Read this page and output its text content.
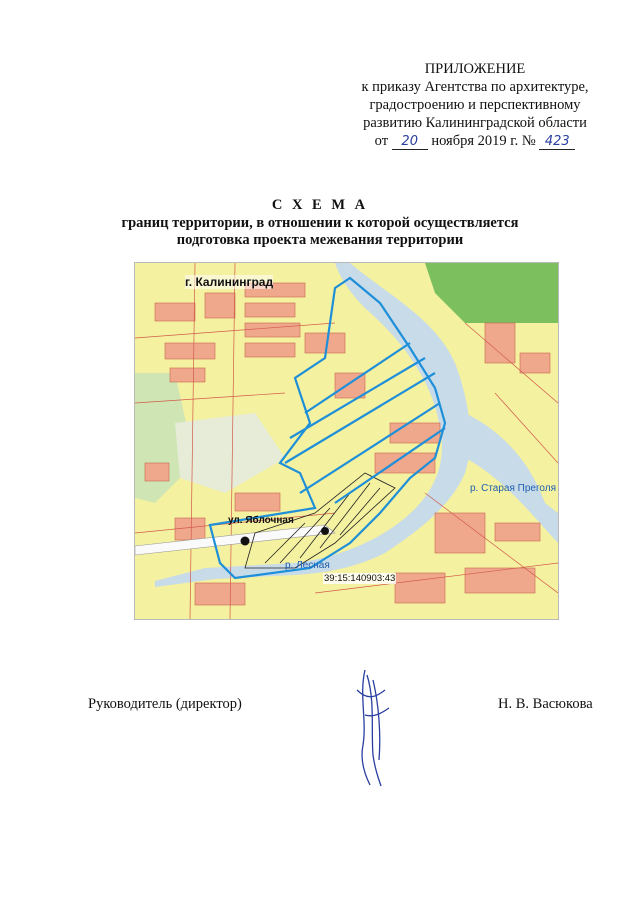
ПРИЛОЖЕНИЕ
к приказу Агентства по архитектуре,
градостроению и перспективному
развитию Калининградской области
от 20 ноября 2019 г. № 423
С Х Е М А
границ территории, в отношении к которой осуществляется
подготовка проекта межевания территории
г. Калининград
ул. Яблочная
р. Старая Преголя
р. Лесная
39:15:140903:43
Руководитель (директор)	Н. В. Васюкова
